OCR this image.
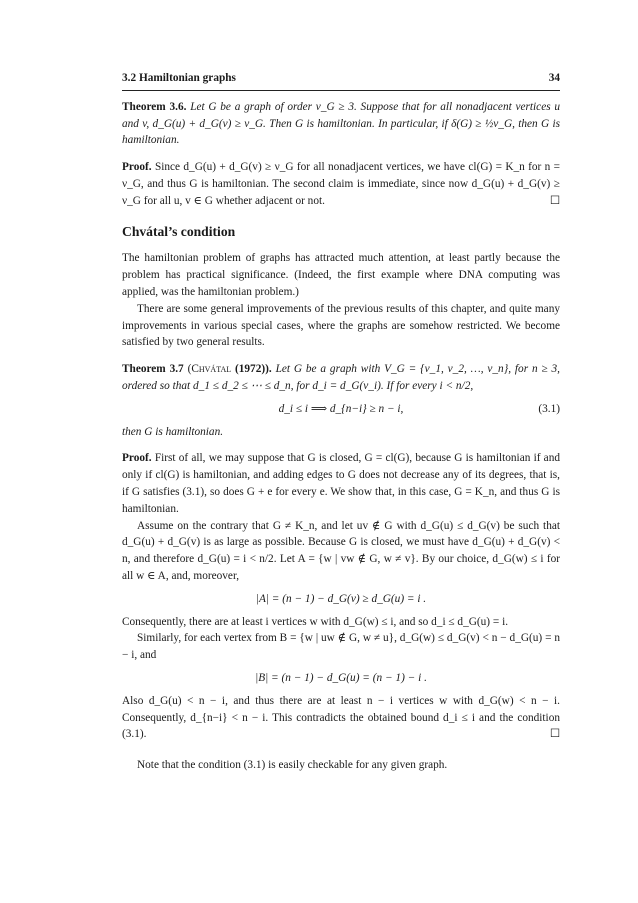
3.2 Hamiltonian graphs	34

Theorem 3.6. Let G be a graph of order ν_G ≥ 3. Suppose that for all nonadjacent vertices u and v, d_G(u) + d_G(v) ≥ ν_G. Then G is hamiltonian. In particular, if δ(G) ≥ ½ν_G, then G is hamiltonian.

Proof. Since d_G(u) + d_G(v) ≥ ν_G for all nonadjacent vertices, we have cl(G) = K_n for n = ν_G, and thus G is hamiltonian. The second claim is immediate, since now d_G(u) + d_G(v) ≥ ν_G for all u, v ∈ G whether adjacent or not.	☐

Chvátal’s condition

The hamiltonian problem of graphs has attracted much attention, at least partly because the problem has practical significance. (Indeed, the first example where DNA computing was applied, was the hamiltonian problem.)

There are some general improvements of the previous results of this chapter, and quite many improvements in various special cases, where the graphs are somehow restricted. We become satisfied by two general results.

Theorem 3.7 (Chvátal (1972)). Let G be a graph with V_G = {v_1, v_2, …, v_n}, for n ≥ 3, ordered so that d_1 ≤ d_2 ≤ ⋯ ≤ d_n, for d_i = d_G(v_i). If for every i < n/2,

d_i ≤ i ⟹ d_{n−i} ≥ n − i,	(3.1)

then G is hamiltonian.

Proof. First of all, we may suppose that G is closed, G = cl(G), because G is hamiltonian if and only if cl(G) is hamiltonian, and adding edges to G does not decrease any of its degrees, that is, if G satisfies (3.1), so does G + e for every e. We show that, in this case, G = K_n, and thus G is hamiltonian.

Assume on the contrary that G ≠ K_n, and let uv ∉ G with d_G(u) ≤ d_G(v) be such that d_G(u) + d_G(v) is as large as possible. Because G is closed, we must have d_G(u) + d_G(v) < n, and therefore d_G(u) = i < n/2. Let A = {w | vw ∉ G, w ≠ v}. By our choice, d_G(w) ≤ i for all w ∈ A, and, moreover,

|A| = (n − 1) − d_G(v) ≥ d_G(u) = i .

Consequently, there are at least i vertices w with d_G(w) ≤ i, and so d_i ≤ d_G(u) = i.

Similarly, for each vertex from B = {w | uw ∉ G, w ≠ u}, d_G(w) ≤ d_G(v) < n − d_G(u) = n − i, and

|B| = (n − 1) − d_G(u) = (n − 1) − i .

Also d_G(u) < n − i, and thus there are at least n − i vertices w with d_G(w) < n − i. Consequently, d_{n−i} < n − i. This contradicts the obtained bound d_i ≤ i and the condition (3.1).	☐

Note that the condition (3.1) is easily checkable for any given graph.
